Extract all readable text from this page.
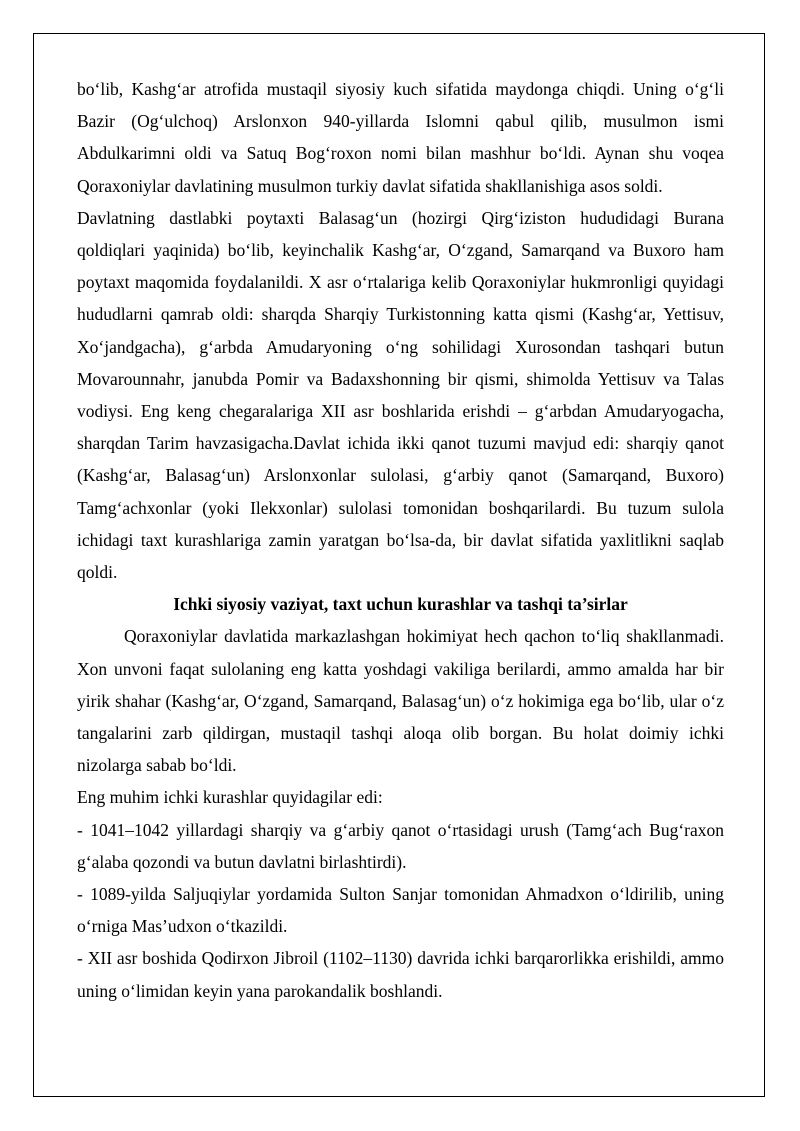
bo‘lib, Kashg‘ar atrofida mustaqil siyosiy kuch sifatida maydonga chiqdi. Uning o‘g‘li Bazir (Og‘ulchoq) Arslonxon 940-yillarda Islomni qabul qilib, musulmon ismi Abdulkarimni oldi va Satuq Bog‘roxon nomi bilan mashhur bo‘ldi. Aynan shu voqea Qoraxoniylar davlatining musulmon turkiy davlat sifatida shakllanishiga asos soldi.

Davlatning dastlabki poytaxti Balasag‘un (hozirgi Qirg‘iziston hududidagi Burana qoldiqlari yaqinida) bo‘lib, keyinchalik Kashg‘ar, O‘zgand, Samarqand va Buxoro ham poytaxt maqomida foydalanildi. X asr o‘rtalariga kelib Qoraxoniylar hukmronligi quyidagi hududlarni qamrab oldi: sharqda Sharqiy Turkistonning katta qismi (Kashg‘ar, Yettisuv, Xo‘jandgacha), g‘arbda Amudaryoning o‘ng sohilidagi Xurosondan tashqari butun Movarounnahr, janubda Pomir va Badaxshonning bir qismi, shimolda Yettisuv va Talas vodiysi. Eng keng chegaralariga XII asr boshlarida erishdi – g‘arbdan Amudaryogacha, sharqdan Tarim havzasigacha.Davlat ichida ikki qanot tuzumi mavjud edi: sharqiy qanot (Kashg‘ar, Balasag‘un) Arslonxonlar sulolasi, g‘arbiy qanot (Samarqand, Buxoro) Tamg‘achxonlar (yoki Ilekxonlar) sulolasi tomonidan boshqarilardi. Bu tuzum sulola ichidagi taxt kurashlariga zamin yaratgan bo‘lsa-da, bir davlat sifatida yaxlitlikni saqlab qoldi.

Ichki siyosiy vaziyat, taxt uchun kurashlar va tashqi ta’sirlar

Qoraxoniylar davlatida markazlashgan hokimiyat hech qachon to‘liq shakllanmadi. Xon unvoni faqat sulolaning eng katta yoshdagi vakiliga berilardi, ammo amalda har bir yirik shahar (Kashg‘ar, O‘zgand, Samarqand, Balasag‘un) o‘z hokimiga ega bo‘lib, ular o‘z tangalarini zarb qildirgan, mustaqil tashqi aloqa olib borgan. Bu holat doimiy ichki nizolarga sabab bo‘ldi.

Eng muhim ichki kurashlar quyidagilar edi:

- 1041–1042 yillardagi sharqiy va g‘arbiy qanot o‘rtasidagi urush (Tamg‘ach Bug‘raxon g‘alaba qozondi va butun davlatni birlashtirdi).

- 1089-yilda Saljuqiylar yordamida Sulton Sanjar tomonidan Ahmadxon o‘ldirilib, uning o‘rniga Mas’udxon o‘tkazildi.

- XII asr boshida Qodirxon Jibroil (1102–1130) davrida ichki barqarorlikka erishildi, ammo uning o‘limidan keyin yana parokandalik boshlandi.
